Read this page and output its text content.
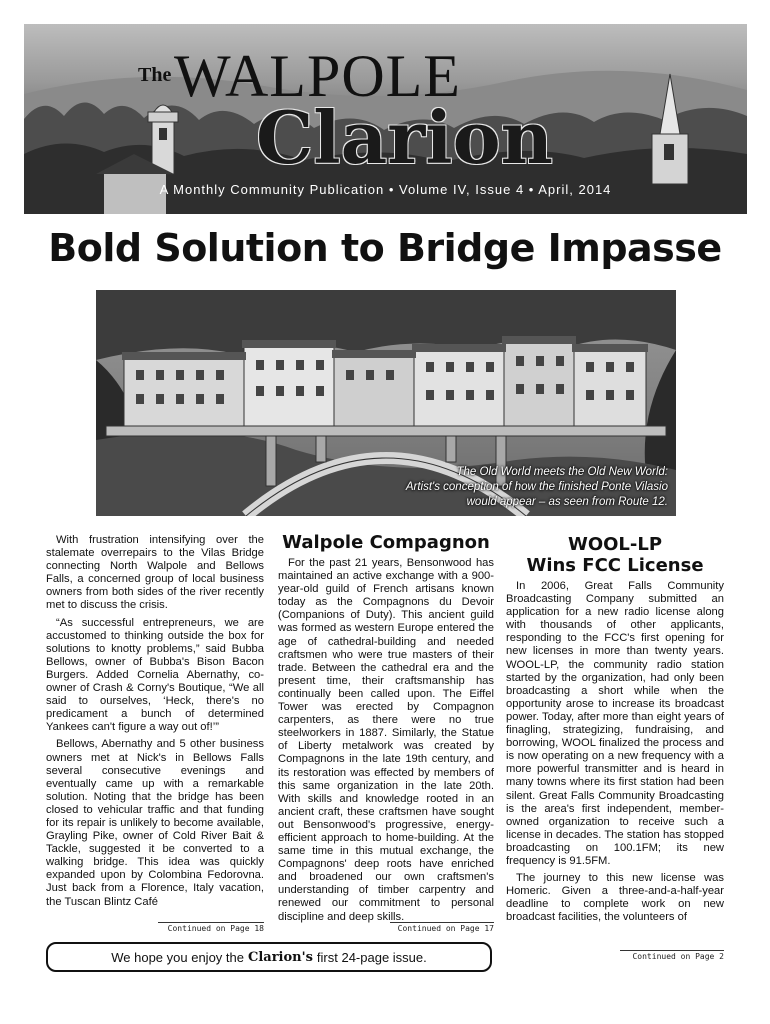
The WALPOLE
Clarion
A Monthly Community Publication • Volume IV, Issue 4 • April, 2014
Bold Solution to Bridge Impasse
The Old World meets the Old New World:
Artist's conception of how the finished Ponte Vilasio
would appear – as seen from Route 12.

With frustration intensifying over the stalemate overrepairs to the Vilas Bridge connecting North Walpole and Bellows Falls, a concerned group of local business owners from both sides of the river recently met to discuss the crisis.

“As successful entrepreneurs, we are accustomed to thinking outside the box for solutions to knotty problems,” said Bubba Bellows, owner of Bubba's Bison Bacon Burgers. Added Cornelia Abernathy, co-owner of Crash & Corny's Boutique, “We all said to ourselves, ‘Heck, there's no predicament a bunch of determined Yankees can't figure a way out of!’”

Bellows, Abernathy and 5 other business owners met at Nick's in Bellows Falls several consecutive evenings and eventually came up with a remarkable solution. Noting that the bridge has been closed to vehicular traffic and that funding for its repair is unlikely to become available, Grayling Pike, owner of Cold River Bait & Tackle, suggested it be converted to a walking bridge. This idea was quickly expanded upon by Colombina Fedorovna. Just back from a Florence, Italy vacation, the Tuscan Blintz Café

Continued on Page 18
Walpole Compagnon

For the past 21 years, Bensonwood has maintained an active exchange with a 900-year-old guild of French artisans known today as the Compagnons du Devoir (Companions of Duty). This ancient guild was formed as western Europe entered the age of cathedral-building and needed craftsmen who were true masters of their trade. Between the cathedral era and the present time, their craftsmanship has continually been called upon. The Eiffel Tower was erected by Compagnon carpenters, as there were no true steelworkers in 1887. Similarly, the Statue of Liberty metalwork was created by Compagnons in the late 19th century, and its restoration was effected by members of this same organization in the late 20th. With skills and knowledge rooted in an ancient craft, these craftsmen have sought out Bensonwood's progressive, energy-efficient approach to home-building. At the same time in this mutual exchange, the Compagnons' deep roots have enriched and broadened our own craftsmen's understanding of timber carpentry and renewed our commitment to personal discipline and deep skills.

Continued on Page 17
WOOL-LP
Wins FCC License

In 2006, Great Falls Community Broadcasting Company submitted an application for a new radio license along with thousands of other applicants, responding to the FCC's first opening for new licenses in more than twenty years. WOOL-LP, the community radio station started by the organization, had only been broadcasting a short while when the opportunity arose to increase its broadcast power. Today, after more than eight years of finagling, strategizing, fundraising, and borrowing, WOOL finalized the process and is now operating on a new frequency with a more powerful transmitter and is heard in many towns where its first station had been silent. Great Falls Community Broadcasting is the area's first independent, member-owned organization to receive such a license in decades. The station has stopped broadcasting on 100.1FM; its new frequency is 91.5FM.

The journey to this new license was Homeric. Given a three-and-a-half-year deadline to complete work on new broadcast facilities, the volunteers of

Continued on Page 2
We hope you enjoy the Clarion's first 24-page issue.
